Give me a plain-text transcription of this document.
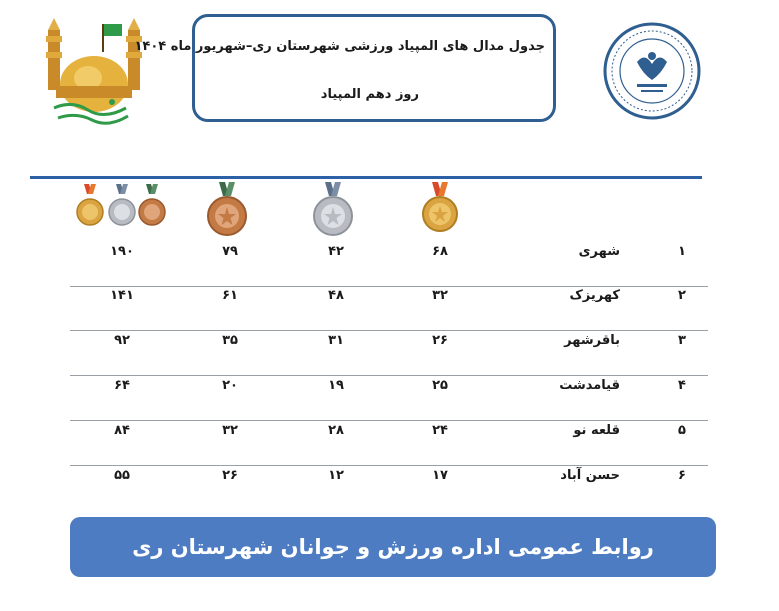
جدول مدال های المپیاد ورزشی شهرستان ری–شهریور ماه ۱۴۰۴
روز دهم المپیاد
۱
شهری
۶۸
۴۲
۷۹
۱۹۰
۲
کهریزک
۳۲
۴۸
۶۱
۱۴۱
۳
باقرشهر
۲۶
۳۱
۳۵
۹۲
۴
قیامدشت
۲۵
۱۹
۲۰
۶۴
۵
قلعه نو
۲۴
۲۸
۳۲
۸۴
۶
حسن آباد
۱۷
۱۲
۲۶
۵۵
روابط عمومی اداره ورزش و جوانان شهرستان ری
